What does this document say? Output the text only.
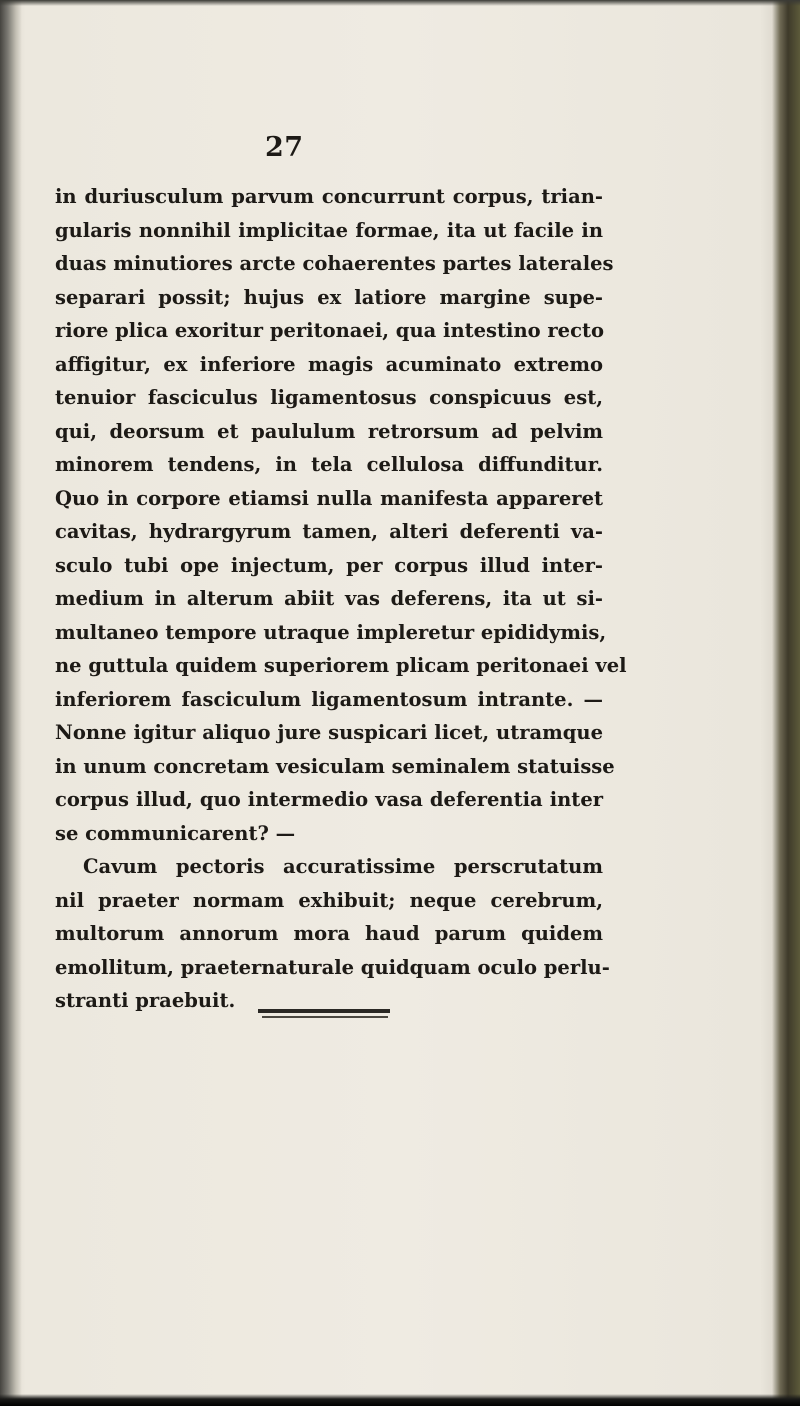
27
in duriusculum parvum concurrunt corpus, trian-
gularis nonnihil implicitae formae, ita ut facile in
duas minutiores arcte cohaerentes partes laterales
separari possit; hujus ex latiore margine supe-
riore plica exoritur peritonaei, qua intestino recto
affigitur, ex inferiore magis acuminato extremo
tenuior fasciculus ligamentosus conspicuus est,
qui, deorsum et paululum retrorsum ad pelvim
minorem tendens, in tela cellulosa diffunditur.
Quo in corpore etiamsi nulla manifesta appareret
cavitas, hydrargyrum tamen, alteri deferenti va-
sculo tubi ope injectum, per corpus illud inter-
medium in alterum abiit vas deferens, ita ut si-
multaneo tempore utraque impleretur epididymis,
ne guttula quidem superiorem plicam peritonaei vel
inferiorem fasciculum ligamentosum intrante. —
Nonne igitur aliquo jure suspicari licet, utramque
in unum concretam vesiculam seminalem statuisse
corpus illud, quo intermedio vasa deferentia inter
se communicarent? —
Cavum pectoris accuratissime perscrutatum
nil praeter normam exhibuit; neque cerebrum,
multorum annorum mora haud parum quidem
emollitum, praeternaturale quidquam oculo perlu-
stranti praebuit.
